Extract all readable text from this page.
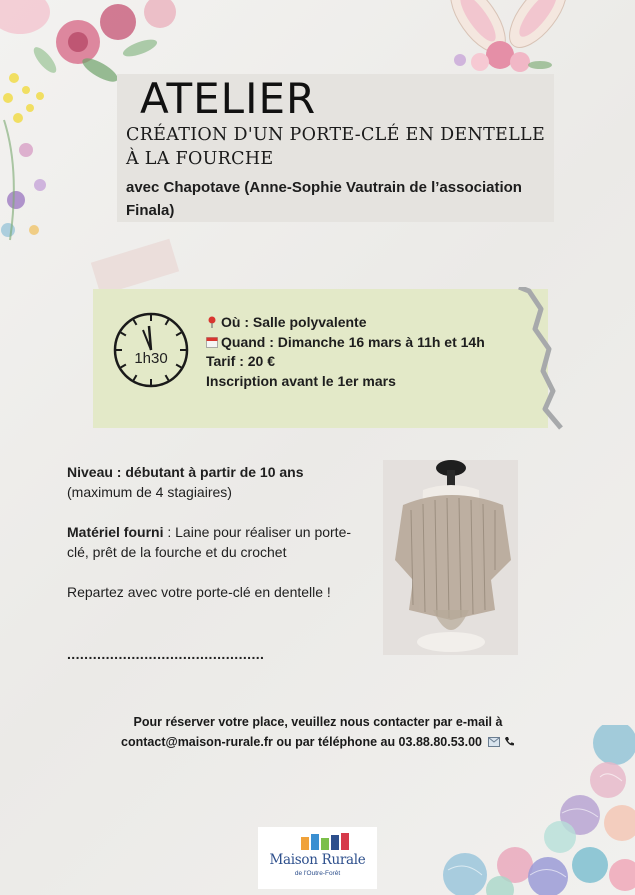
ATELIER
CRÉATION D'UN PORTE-CLÉ EN DENTELLE À LA FOURCHE
avec Chapotave (Anne-Sophie Vautrain de l’association Finala)
1h30
Où : Salle polyvalente
Quand : Dimanche 16 mars à 11h et 14h
Tarif : 20 €
Inscription avant le 1er mars
Niveau : débutant à partir de 10 ans
(maximum de 4 stagiaires)
Matériel fourni : Laine pour réaliser un porte-clé, prêt de la fourche et du crochet
Repartez avec votre porte-clé en dentelle !
..............................................
Pour réserver votre place, veuillez nous contacter par e-mail à
contact@maison-rurale.fr ou par téléphone au 03.88.80.53.00
Maison Rurale
de l'Outre-Forêt
